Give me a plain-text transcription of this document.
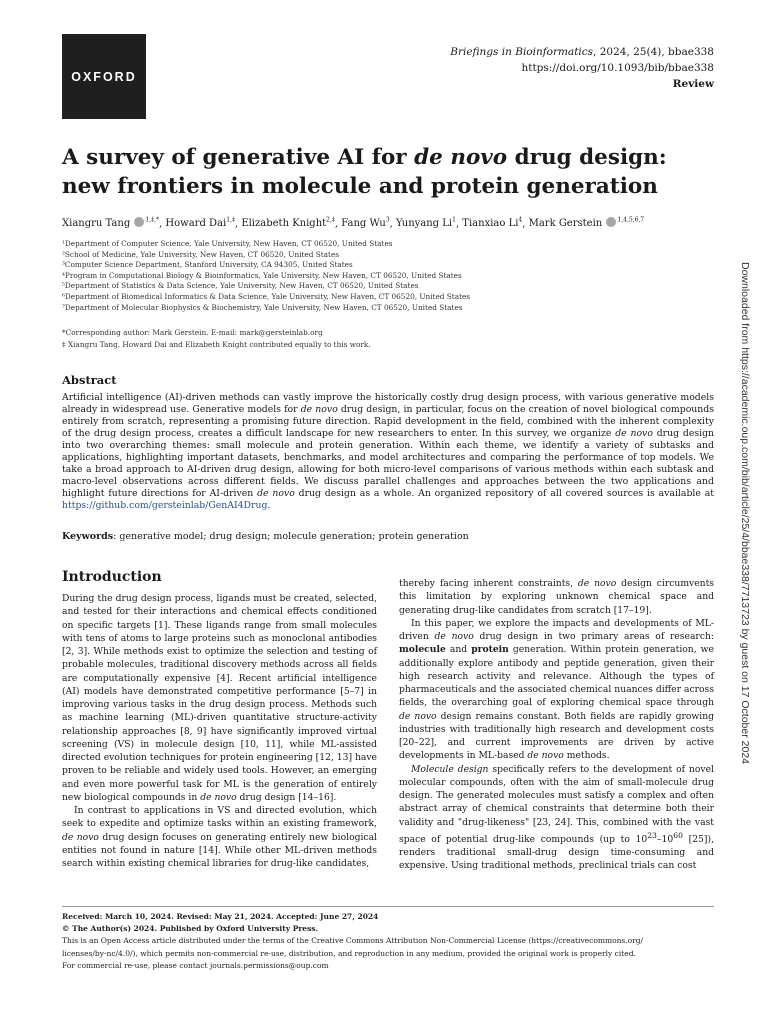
OXFORD
Briefings in Bioinformatics, 2024, 25(4), bbae338
https://doi.org/10.1093/bib/bbae338
Review
A survey of generative AI for de novo drug design: new frontiers in molecule and protein generation
Xiangru Tang	$^{1,\ddagger,*}$, Howard Dai$^{1,\ddagger}$, Elizabeth Knight$^{2,\ddagger}$, Fang Wu$^3$, Yunyang Li$^1$, Tianxiao Li$^4$, Mark Gerstein	$^{1,4,5,6,7}$
¹Department of Computer Science, Yale University, New Haven, CT 06520, United States
²School of Medicine, Yale University, New Haven, CT 06520, United States
³Computer Science Department, Stanford University, CA 94305, United States
⁴Program in Computational Biology & Bioinformatics, Yale University, New Haven, CT 06520, United States
⁵Department of Statistics & Data Science, Yale University, New Haven, CT 06520, United States
⁶Department of Biomedical Informatics & Data Science, Yale University, New Haven, CT 06520, United States
⁷Department of Molecular Biophysics & Biochemistry, Yale University, New Haven, CT 06520, United States
*Corresponding author: Mark Gerstein. E-mail: mark@gersteinlab.org
‡ Xiangru Tang, Howard Dai and Elizabeth Knight contributed equally to this work.
Abstract

Artificial intelligence (AI)-driven methods can vastly improve the historically costly drug design process, with various generative models already in widespread use. Generative models for de novo drug design, in particular, focus on the creation of novel biological compounds entirely from scratch, representing a promising future direction. Rapid development in the field, combined with the inherent complexity of the drug design process, creates a difficult landscape for new researchers to enter. In this survey, we organize de novo drug design into two overarching themes: small molecule and protein generation. Within each theme, we identify a variety of subtasks and applications, highlighting important datasets, benchmarks, and model architectures and comparing the performance of top models. We take a broad approach to AI-driven drug design, allowing for both micro-level comparisons of various methods within each subtask and macro-level observations across different fields. We discuss parallel challenges and approaches between the two applications and highlight future directions for AI-driven de novo drug design as a whole. An organized repository of all covered sources is available at https://github.com/gersteinlab/GenAI4Drug.

Keywords: generative model; drug design; molecule generation; protein generation
Introduction

During the drug design process, ligands must be created, selected, and tested for their interactions and chemical effects conditioned on specific targets [1]. These ligands range from small molecules with tens of atoms to large proteins such as monoclonal antibodies [2, 3]. While methods exist to optimize the selection and testing of probable molecules, traditional discovery methods across all fields are computationally expensive [4]. Recent artificial intelligence (AI) models have demonstrated competitive performance [5–7] in improving various tasks in the drug design process. Methods such as machine learning (ML)-driven quantitative structure-activity relationship approaches [8, 9] have significantly improved virtual screening (VS) in molecule design [10, 11], while ML-assisted directed evolution techniques for protein engineering [12, 13] have proven to be reliable and widely used tools. However, an emerging and even more powerful task for ML is the generation of entirely new biological compounds in de novo drug design [14–16].

In contrast to applications in VS and directed evolution, which seek to expedite and optimize tasks within an existing framework, de novo drug design focuses on generating entirely new biological entities not found in nature [14]. While other ML-driven methods search within existing chemical libraries for drug-like candidates,

thereby facing inherent constraints, de novo design circumvents this limitation by exploring unknown chemical space and generating drug-like candidates from scratch [17–19].

In this paper, we explore the impacts and developments of ML-driven de novo drug design in two primary areas of research: molecule and protein generation. Within protein generation, we additionally explore antibody and peptide generation, given their high research activity and relevance. Although the types of pharmaceuticals and the associated chemical nuances differ across fields, the overarching goal of exploring chemical space through de novo design remains constant. Both fields are rapidly growing industries with traditionally high research and development costs [20–22], and current improvements are driven by active developments in ML-based de novo methods.

Molecule design specifically refers to the development of novel molecular compounds, often with the aim of small-molecule drug design. The generated molecules must satisfy a complex and often abstract array of chemical constraints that determine both their validity and "drug-likeness" [23, 24]. This, combined with the vast space of potential drug-like compounds (up to $10^{23}-10^{60}$ [25]), renders traditional small-drug design time-consuming and expensive. Using traditional methods, preclinical trials can cost

Received: March 10, 2024. Revised: May 21, 2024. Accepted: June 27, 2024
© The Author(s) 2024. Published by Oxford University Press.
This is an Open Access article distributed under the terms of the Creative Commons Attribution Non-Commercial License (https://creativecommons.org/
licenses/by-nc/4.0/), which permits non-commercial re-use, distribution, and reproduction in any medium, provided the original work is properly cited.
For commercial re-use, please contact journals.permissions@oup.com
Downloaded from https://academic.oup.com/bib/article/25/4/bbae338/7713723 by guest on 17 October 2024
